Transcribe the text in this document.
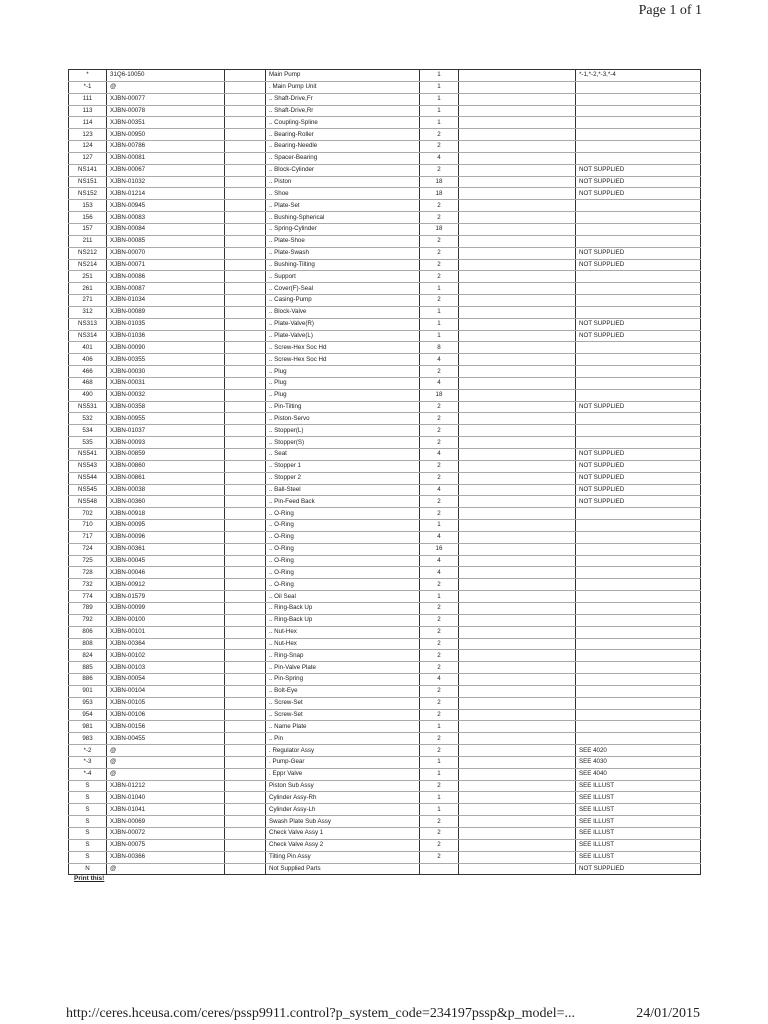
Page 1 of 1
*	31Q6-10050		Main Pump	1		*-1,*-2,*-3,*-4
*-1	@		. Main Pump Unit	1		
111	XJBN-00077		.. Shaft-Drive,Fr	1		
113	XJBN-00078		.. Shaft-Drive,Rr	1		
114	XJBN-00351		.. Coupling-Spline	1		
123	XJBN-00950		.. Bearing-Roller	2		
124	XJBN-00786		.. Bearing-Needle	2		
127	XJBN-00081		.. Spacer-Bearing	4		
NS141	XJBN-00067		.. Block-Cylinder	2		NOT SUPPLIED
NS151	XJBN-01032		.. Piston	18		NOT SUPPLIED
NS152	XJBN-01214		.. Shoe	18		NOT SUPPLIED
153	XJBN-00945		.. Plate-Set	2		
156	XJBN-00083		.. Bushing-Spherical	2		
157	XJBN-00084		.. Spring-Cylinder	18		
211	XJBN-00085		.. Plate-Shoe	2		
NS212	XJBN-00070		.. Plate-Swash	2		NOT SUPPLIED
NS214	XJBN-00071		.. Bushing-Tilting	2		NOT SUPPLIED
251	XJBN-00086		.. Support	2		
261	XJBN-00087		.. Cover(F)-Seal	1		
271	XJBN-01034		.. Casing-Pump	2		
312	XJBN-00089		.. Block-Valve	1		
NS313	XJBN-01035		.. Plate-Valve(R)	1		NOT SUPPLIED
NS314	XJBN-01036		.. Plate-Valve(L)	1		NOT SUPPLIED
401	XJBN-00090		.. Screw-Hex Soc Hd	8		
406	XJBN-00355		.. Screw-Hex Soc Hd	4		
466	XJBN-00030		.. Plug	2		
468	XJBN-00031		.. Plug	4		
490	XJBN-00032		.. Plug	18		
NS531	XJBN-00358		.. Pin-Tilting	2		NOT SUPPLIED
532	XJBN-00955		.. Piston-Servo	2		
534	XJBN-01037		.. Stopper(L)	2		
535	XJBN-00093		.. Stopper(S)	2		
NS541	XJBN-00859		.. Seat	4		NOT SUPPLIED
NS543	XJBN-00860		.. Stopper 1	2		NOT SUPPLIED
NS544	XJBN-00861		.. Stopper 2	2		NOT SUPPLIED
NS545	XJBN-00038		.. Ball-Steel	4		NOT SUPPLIED
NS548	XJBN-00360		.. Pin-Feed Back	2		NOT SUPPLIED
702	XJBN-00918		.. O-Ring	2		
710	XJBN-00095		.. O-Ring	1		
717	XJBN-00096		.. O-Ring	4		
724	XJBN-00361		.. O-Ring	16		
725	XJBN-00045		.. O-Ring	4		
728	XJBN-00046		.. O-Ring	4		
732	XJBN-00912		.. O-Ring	2		
774	XJBN-01579		.. Oil Seal	1		
789	XJBN-00099		.. Ring-Back Up	2		
792	XJBN-00100		.. Ring-Back Up	2		
806	XJBN-00101		.. Nut-Hex	2		
808	XJBN-00364		.. Nut-Hex	2		
824	XJBN-00102		.. Ring-Snap	2		
885	XJBN-00103		.. Pin-Valve Plate	2		
886	XJBN-00054		.. Pin-Spring	4		
901	XJBN-00104		.. Bolt-Eye	2		
953	XJBN-00105		.. Screw-Set	2		
954	XJBN-00106		.. Screw-Set	2		
981	XJBN-00156		.. Name Plate	1		
983	XJBN-00455		.. Pin	2		
*-2	@		. Regulator Assy	2		SEE 4020
*-3	@		. Pump-Gear	1		SEE 4030
*-4	@		. Eppr Valve	1		SEE 4040
S	XJBN-01212		Piston Sub Assy	2		SEE ILLUST
S	XJBN-01040		Cylinder Assy-Rh	1		SEE ILLUST
S	XJBN-01041		Cylinder Assy-Lh	1		SEE ILLUST
S	XJBN-00069		Swash Plate Sub Assy	2		SEE ILLUST
S	XJBN-00072		Check Valve Assy 1	2		SEE ILLUST
S	XJBN-00075		Check Valve Assy 2	2		SEE ILLUST
S	XJBN-00366		Tilting Pin Assy	2		SEE ILLUST
N	@		Not Supplied Parts			NOT SUPPLIED
Print this!
http://ceres.hceusa.com/ceres/pssp9911.control?p_system_code=234197pssp&p_model=...	24/01/2015
